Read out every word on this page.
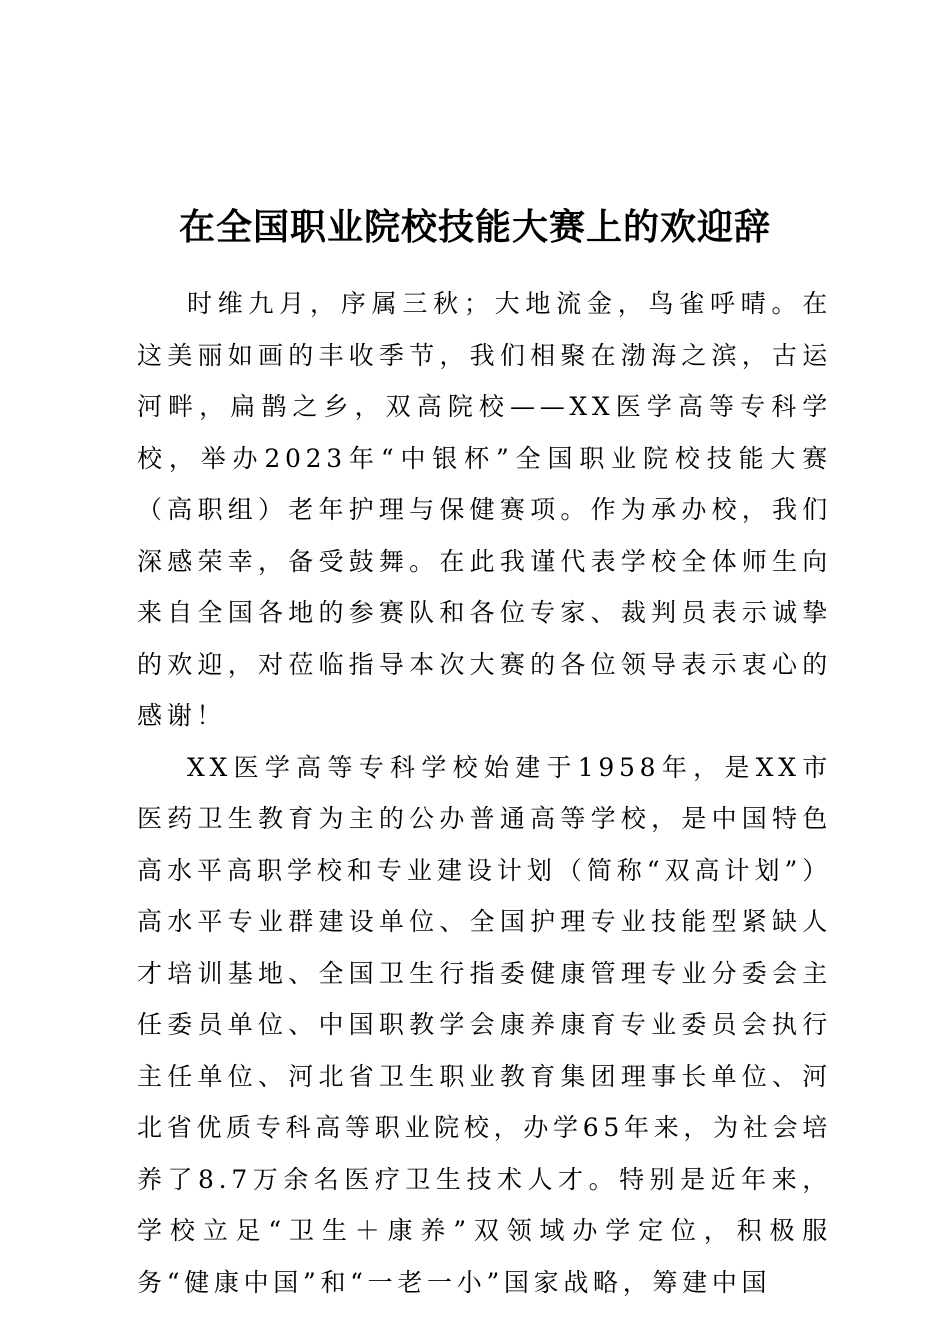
在全国职业院校技能大赛上的欢迎辞

时维九月，序属三秋；大地流金，鸟雀呼晴。在这美丽如画的丰收季节，我们相聚在渤海之滨，古运河畔，扁鹊之乡，双高院校——XX医学高等专科学校，举办2023年“中银杯”全国职业院校技能大赛（高职组）老年护理与保健赛项。作为承办校，我们深感荣幸，备受鼓舞。在此我谨代表学校全体师生向来自全国各地的参赛队和各位专家、裁判员表示诚挚的欢迎，对莅临指导本次大赛的各位领导表示衷心的感谢！

XX医学高等专科学校始建于1958年，是XX市医药卫生教育为主的公办普通高等学校，是中国特色高水平高职学校和专业建设计划（简称“双高计划”）高水平专业群建设单位、全国护理专业技能型紧缺人才培训基地、全国卫生行指委健康管理专业分委会主任委员单位、中国职教学会康养康育专业委员会执行主任单位、河北省卫生职业教育集团理事长单位、河北省优质专科高等职业院校，办学65年来，为社会培养了8.7万余名医疗卫生技术人才。特别是近年来，学校立足“卫生＋康养”双领域办学定位，积极服务“健康中国”和“一老一小”国家战略，筹建中国
